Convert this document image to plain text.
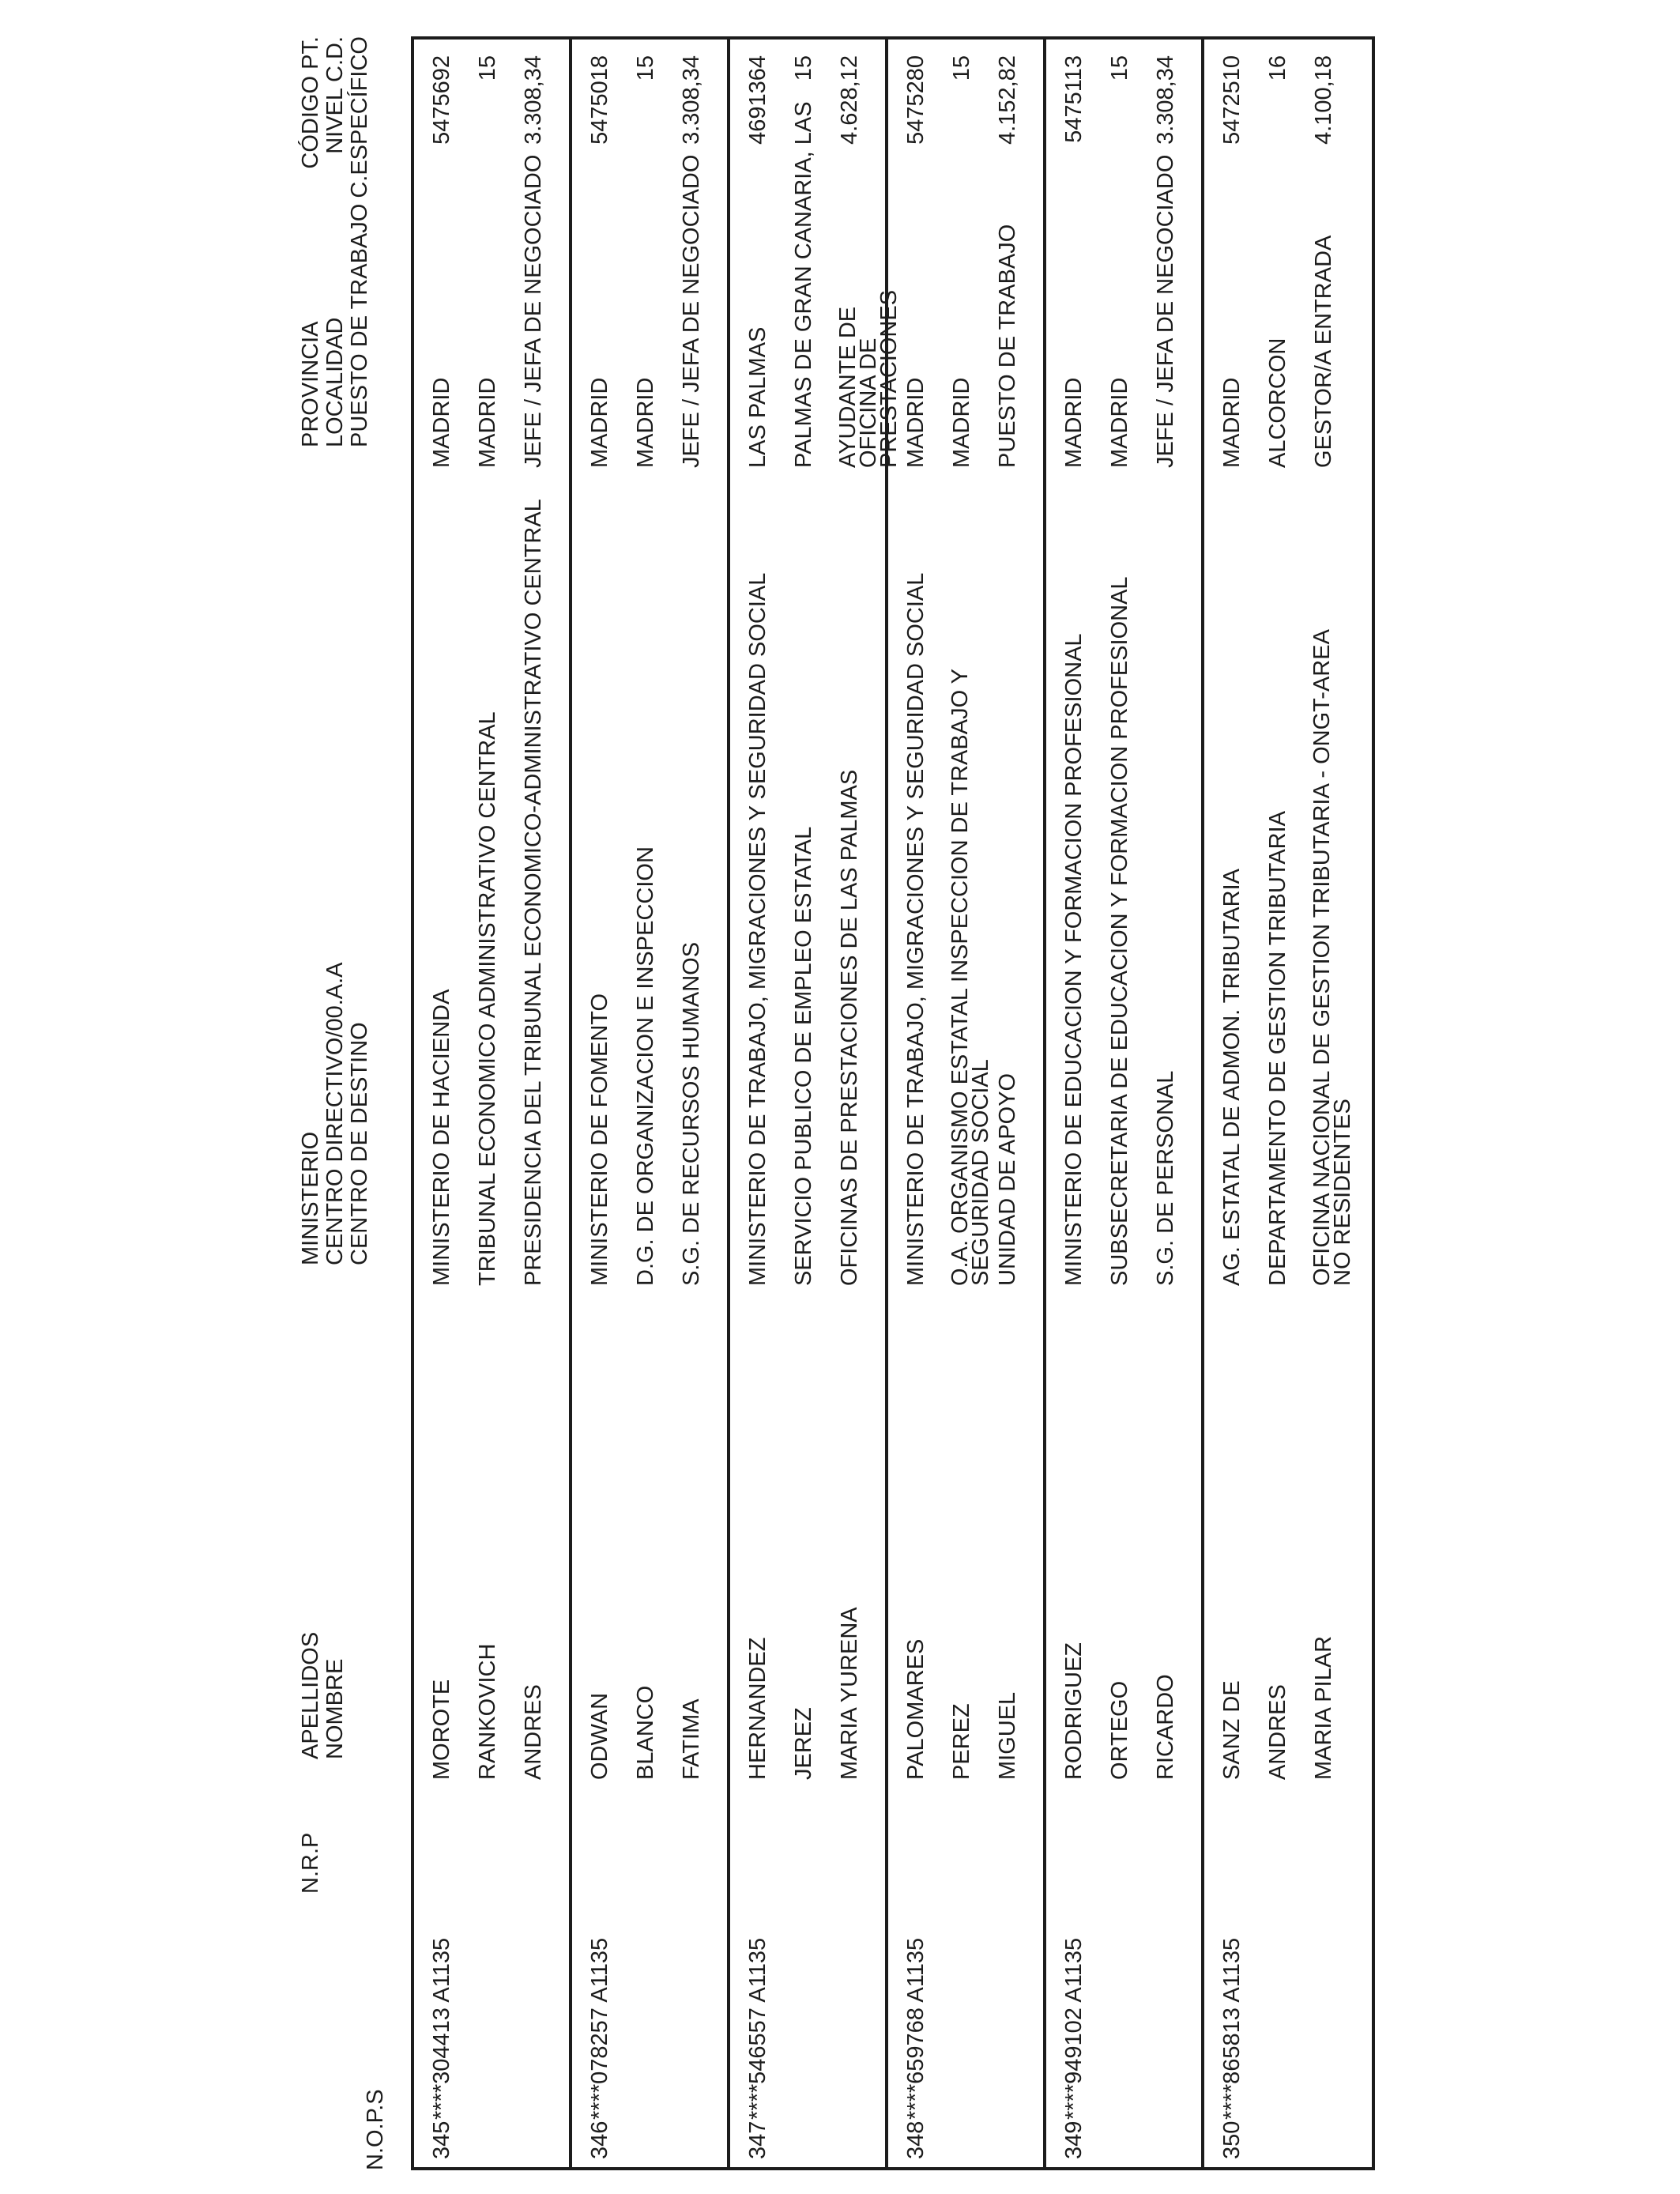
N.O.P.S
N.R.P
APELLIDOS NOMBRE
MINISTERIO CENTRO DIRECTIVO/00.A.A CENTRO DE DESTINO
PROVINCIA LOCALIDAD PUESTO DE TRABAJO
CÓDIGO PT. NIVEL C.D. C.ESPECÍFICO
345
****304413 A1135
MOROTE RANKOVICH ANDRES
MINISTERIO DE HACIENDA TRIBUNAL ECONOMICO ADMINISTRATIVO CENTRAL PRESIDENCIA DEL TRIBUNAL ECONOMICO-ADMINISTRATIVO CENTRAL
MADRID MADRID JEFE / JEFA DE NEGOCIADO
5475692 15 3.308,34
346
****078257 A1135
ODWAN BLANCO FATIMA
MINISTERIO DE FOMENTO D.G. DE ORGANIZACION E INSPECCION S.G. DE RECURSOS HUMANOS
MADRID MADRID JEFE / JEFA DE NEGOCIADO
5475018 15 3.308,34
347
****546557 A1135
HERNANDEZ JEREZ MARIA YURENA
MINISTERIO DE TRABAJO, MIGRACIONES Y SEGURIDAD SOCIAL SERVICIO PUBLICO DE EMPLEO ESTATAL OFICINAS DE PRESTACIONES DE LAS PALMAS
LAS PALMAS PALMAS DE GRAN CANARIA, LAS AYUDANTE DE OFICINA DE PRESTACIONES
4691364 15 4.628,12
348
****659768 A1135
PALOMARES PEREZ MIGUEL
MINISTERIO DE TRABAJO, MIGRACIONES Y SEGURIDAD SOCIAL O.A. ORGANISMO ESTATAL INSPECCION DE TRABAJO Y SEGURIDAD SOCIAL UNIDAD DE APOYO
MADRID MADRID PUESTO DE TRABAJO
5475280 15 4.152,82
349
****949102 A1135
RODRIGUEZ ORTEGO RICARDO
MINISTERIO DE EDUCACION Y FORMACION PROFESIONAL SUBSECRETARIA DE EDUCACION Y FORMACION PROFESIONAL S.G. DE PERSONAL
MADRID MADRID JEFE / JEFA DE NEGOCIADO
5475113 15 3.308,34
350
****865813 A1135
SANZ DE ANDRES MARIA PILAR
AG. ESTATAL DE ADMON. TRIBUTARIA DEPARTAMENTO DE GESTION TRIBUTARIA OFICINA NACIONAL DE GESTION TRIBUTARIA - ONGT-AREA NO RESIDENTES
MADRID ALCORCON GESTOR/A ENTRADA
5472510 16 4.100,18
